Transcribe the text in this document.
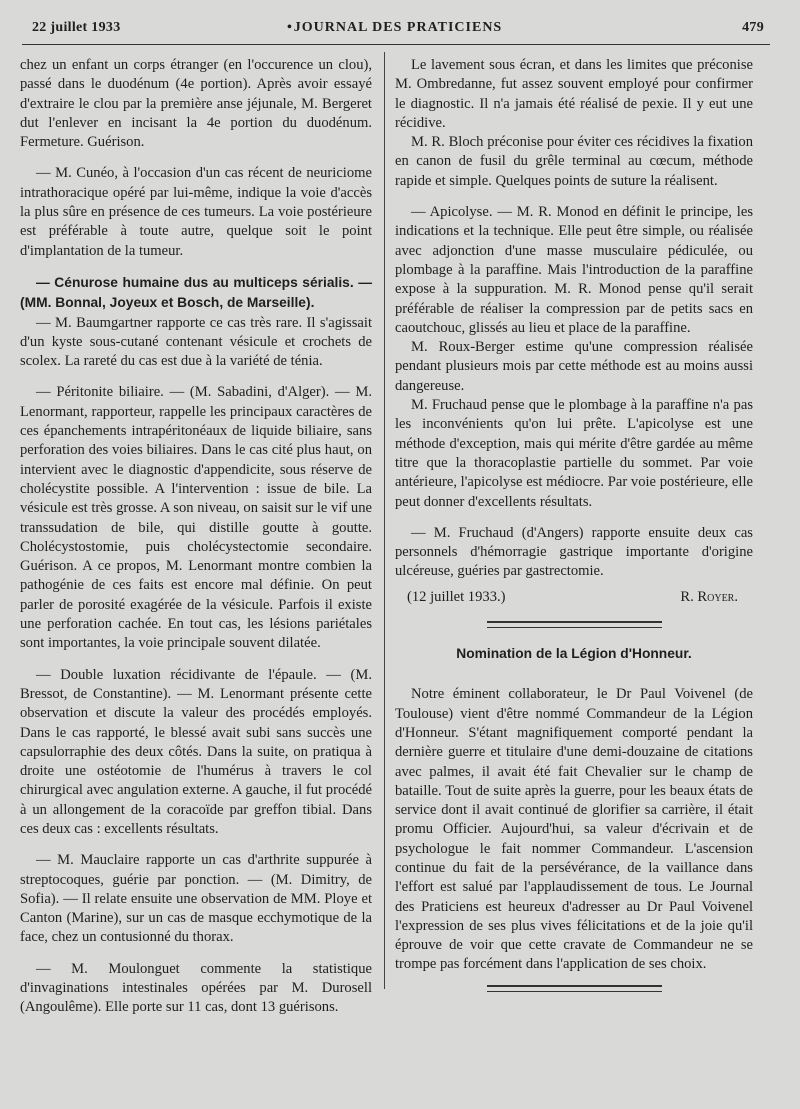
22 juillet 1933	• JOURNAL DES PRATICIENS	479

chez un enfant un corps étranger (en l'occurence un clou), passé dans le duodénum (4e portion). Après avoir essayé d'extraire le clou par la première anse jéjunale, M. Bergeret dut l'enlever en incisant la 4e portion du duodénum. Fermeture. Guérison.

— M. Cunéo, à l'occasion d'un cas récent de neuriciome intrathoracique opéré par lui-même, indique la voie d'accès la plus sûre en présence de ces tumeurs. La voie postérieure est préférable à toute autre, quelque soit le point d'implantation de la tumeur.

— Cénurose humaine dus au multiceps sérialis. — (MM. Bonnal, Joyeux et Bosch, de Marseille).

— M. Baumgartner rapporte ce cas très rare. Il s'agissait d'un kyste sous-cutané contenant vésicule et crochets de scolex. La rareté du cas est due à la variété de ténia.

— Péritonite biliaire. — (M. Sabadini, d'Alger). — M. Lenormant, rapporteur, rappelle les principaux caractères de ces épanchements intrapéritonéaux de liquide biliaire, sans perforation des voies biliaires. Dans le cas cité plus haut, on intervient avec le diagnostic d'appendicite, sous réserve de cholécystite possible. A l'intervention : issue de bile. La vésicule est très grosse. A son niveau, on saisit sur le vif une transsudation de bile, qui distille goutte à goutte. Cholécystostomie, puis cholécystectomie secondaire. Guérison. A ce propos, M. Lenormant montre combien la pathogénie de ces faits est encore mal définie. On peut parler de porosité exagérée de la vésicule. Parfois il existe une perforation cachée. En tout cas, les lésions pariétales sont importantes, la voie principale souvent dilatée.

— Double luxation récidivante de l'épaule. — (M. Bressot, de Constantine). — M. Lenormant présente cette observation et discute la valeur des procédés employés. Dans le cas rapporté, le blessé avait subi sans succès une capsulorraphie des deux côtés. Dans la suite, on pratiqua à droite une ostéotomie de l'humérus à travers le col chirurgical avec angulation externe. A gauche, il fut procédé à un allongement de la coracoïde par greffon tibial. Dans ces deux cas : excellents résultats.

— M. Mauclaire rapporte un cas d'arthrite suppurée à streptocoques, guérie par ponction. — (M. Dimitry, de Sofia). — Il relate ensuite une observation de MM. Ploye et Canton (Marine), sur un cas de masque ecchymotique de la face, chez un contusionné du thorax.

— M. Moulonguet commente la statistique d'invaginations intestinales opérées par M. Durosell (Angoulême). Elle porte sur 11 cas, dont 13 guérisons.

Le lavement sous écran, et dans les limites que préconise M. Ombredanne, fut assez souvent employé pour confirmer le diagnostic. Il n'a jamais été réalisé de pexie. Il y eut une récidive.

M. R. Bloch préconise pour éviter ces récidives la fixation en canon de fusil du grêle terminal au cœcum, méthode rapide et simple. Quelques points de suture la réalisent.

— Apicolyse. — M. R. Monod en définit le principe, les indications et la technique. Elle peut être simple, ou réalisée avec adjonction d'une masse musculaire pédiculée, ou plombage à la paraffine. Mais l'introduction de la paraffine expose à la suppuration. M. R. Monod pense qu'il serait préférable de réaliser la compression par de petits sacs en caoutchouc, glissés au lieu et place de la paraffine.

M. Roux-Berger estime qu'une compression réalisée pendant plusieurs mois par cette méthode est au moins aussi dangereuse.

M. Fruchaud pense que le plombage à la paraffine n'a pas les inconvénients qu'on lui prête. L'apicolyse est une méthode d'exception, mais qui mérite d'être gardée au même titre que la thoracoplastie partielle du sommet. Par voie antérieure, l'apicolyse est médiocre. Par voie postérieure, elle peut donner d'excellents résultats.

— M. Fruchaud (d'Angers) rapporte ensuite deux cas personnels d'hémorragie gastrique importante d'origine ulcéreuse, guéries par gastrectomie.

(12 juillet 1933.)	R. Royer.
Nomination de la Légion d'Honneur.

Notre éminent collaborateur, le Dr Paul Voivenel (de Toulouse) vient d'être nommé Commandeur de la Légion d'Honneur. S'étant magnifiquement comporté pendant la dernière guerre et titulaire d'une demi-douzaine de citations avec palmes, il avait été fait Chevalier sur le champ de bataille. Tout de suite après la guerre, pour les beaux états de service dont il avait continué de glorifier sa carrière, il était promu Officier. Aujourd'hui, sa valeur d'écrivain et de psychologue le fait nommer Commandeur. L'ascension continue du fait de la persévérance, de la vaillance dans l'effort est salué par l'applaudissement de tous. Le Journal des Praticiens est heureux d'adresser au Dr Paul Voivenel l'expression de ses plus vives félicitations et de la joie qu'il éprouve de voir que cette cravate de Commandeur ne se trompe pas forcément dans l'application de ses choix.
